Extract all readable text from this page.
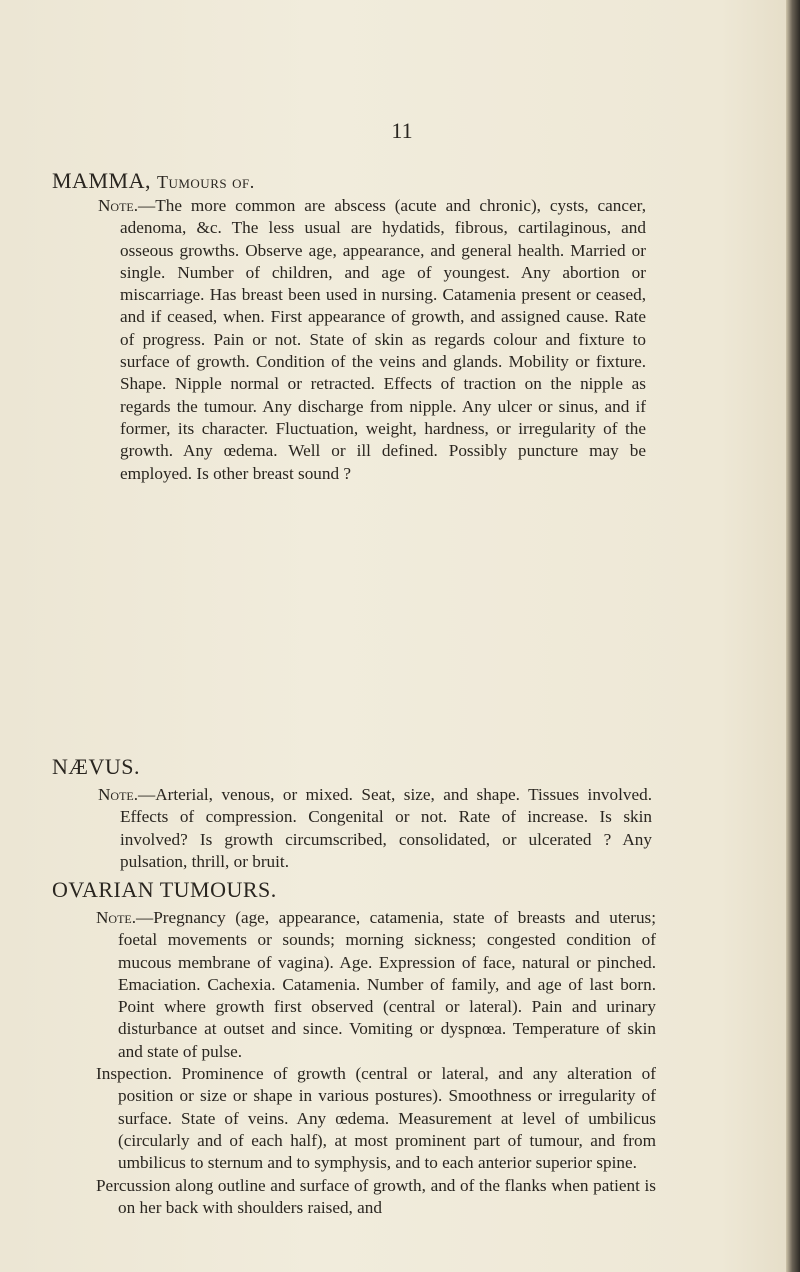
11
MAMMA, Tumours of.

Note.—The more common are abscess (acute and chronic), cysts, cancer, adenoma, &c. The less usual are hydatids, fibrous, cartilaginous, and osseous growths. Observe age, appearance, and general health. Married or single. Number of children, and age of youngest. Any abortion or miscarriage. Has breast been used in nursing. Catamenia present or ceased, and if ceased, when. First appearance of growth, and assigned cause. Rate of progress. Pain or not. State of skin as regards colour and fixture to surface of growth. Condition of the veins and glands. Mobility or fixture. Shape. Nipple normal or retracted. Effects of traction on the nipple as regards the tumour. Any discharge from nipple. Any ulcer or sinus, and if former, its character. Fluctuation, weight, hardness, or irregularity of the growth. Any œdema. Well or ill defined. Possibly puncture may be employed. Is other breast sound ?

NÆVUS.

Note.—Arterial, venous, or mixed. Seat, size, and shape. Tissues involved. Effects of compression. Congenital or not. Rate of increase. Is skin involved? Is growth circumscribed, consolidated, or ulcerated ? Any pulsation, thrill, or bruit.

OVARIAN TUMOURS.

Note.—Pregnancy (age, appearance, catamenia, state of breasts and uterus; foetal movements or sounds; morning sickness; congested condition of mucous membrane of vagina). Age. Expression of face, natural or pinched. Emaciation. Cachexia. Catamenia. Number of family, and age of last born. Point where growth first observed (central or lateral). Pain and urinary disturbance at outset and since. Vomiting or dyspnœa. Temperature of skin and state of pulse.

Inspection. Prominence of growth (central or lateral, and any alteration of position or size or shape in various postures). Smoothness or irregularity of surface. State of veins. Any œdema. Measurement at level of umbilicus (circularly and of each half), at most prominent part of tumour, and from umbilicus to sternum and to symphysis, and to each anterior superior spine.

Percussion along outline and surface of growth, and of the flanks when patient is on her back with shoulders raised, and
